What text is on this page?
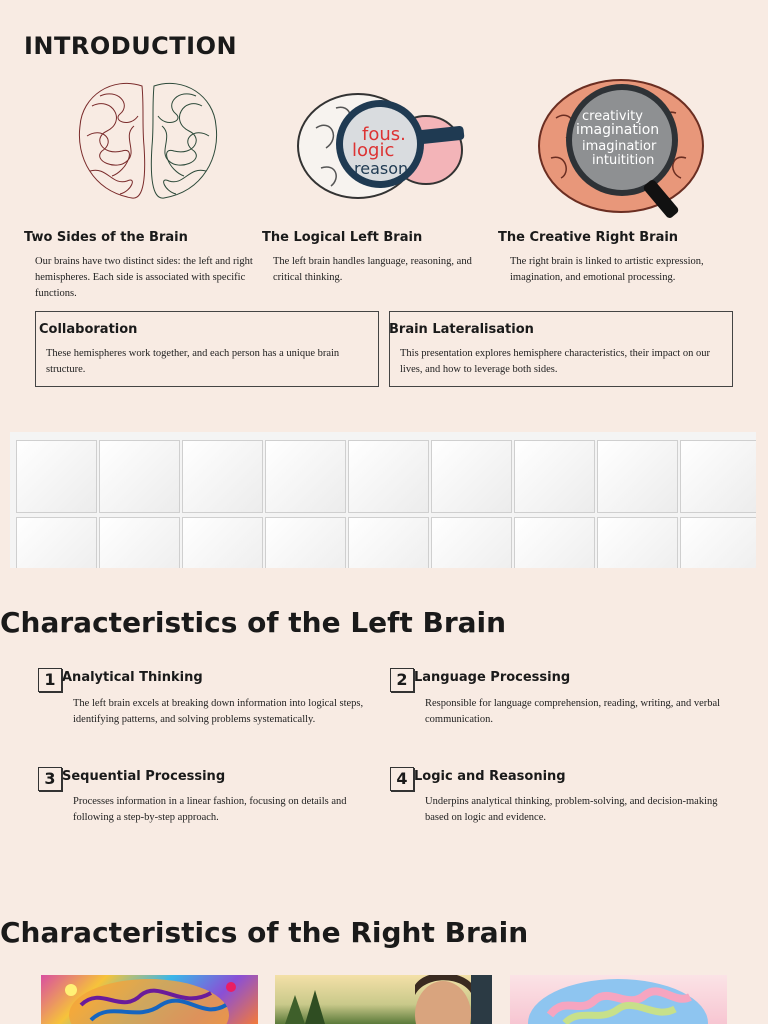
INTRODUCTION
fous.
logic
reason
creativity
imagination
imaginatior
intuitition
Two Sides of the Brain
Our brains have two distinct sides: the left and right hemispheres. Each side is associated with specific functions.
The Logical Left Brain
The left brain handles language, reasoning, and critical thinking.
The Creative Right Brain
The right brain is linked to artistic expression, imagination, and emotional processing.
Collaboration
These hemispheres work together, and each person has a unique brain structure.
Brain Lateralisation
This presentation explores hemisphere characteristics, their impact on our lives, and how to leverage both sides.
Characteristics of the Left Brain
1 Analytical Thinking
The left brain excels at breaking down information into logical steps, identifying patterns, and solving problems systematically.
2 Language Processing
Responsible for language comprehension, reading, writing, and verbal communication.
3 Sequential Processing
Processes information in a linear fashion, focusing on details and following a step-by-step approach.
4 Logic and Reasoning
Underpins analytical thinking, problem-solving, and decision-making based on logic and evidence.
Characteristics of the Right Brain
